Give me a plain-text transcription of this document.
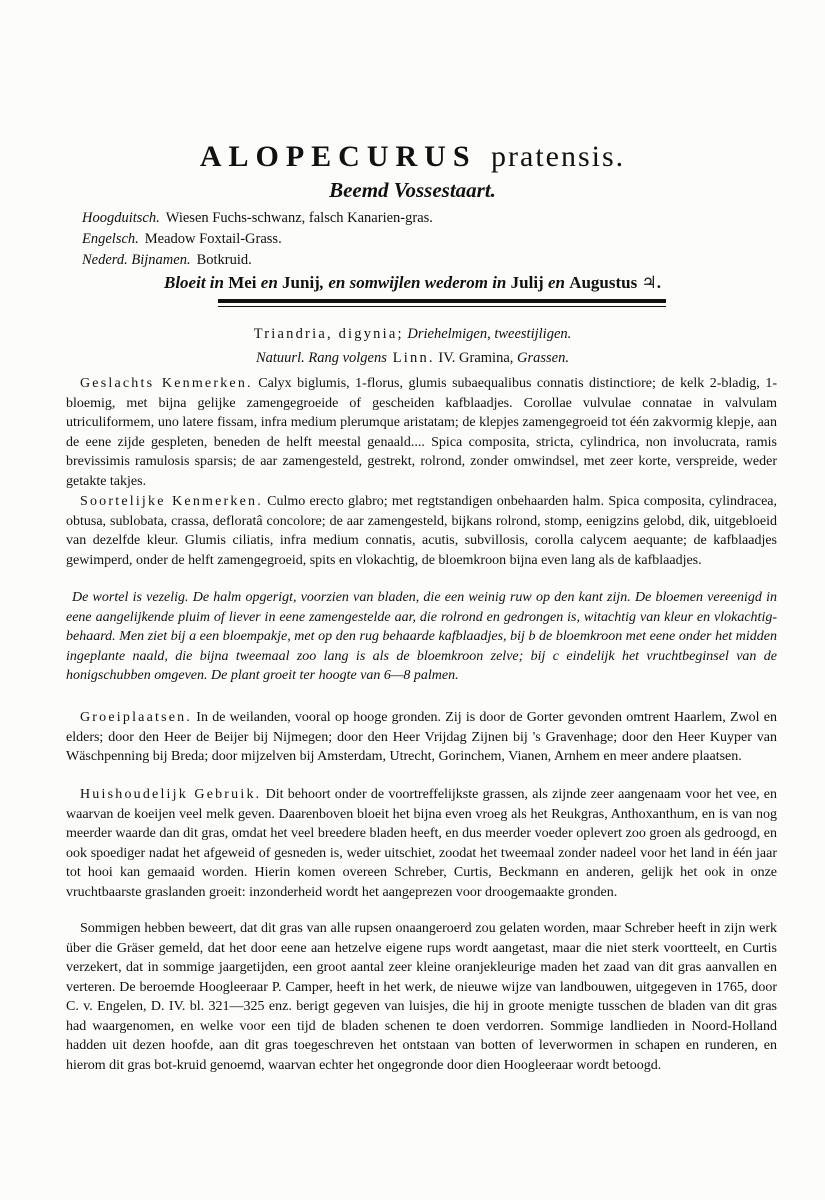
ALOPECURUS pratensis.
Beemd Vossestaart.
Hoogduitsch. Wiesen Fuchs-schwanz, falsch Kanarien-gras.
Engelsch. Meadow Foxtail-Grass.
Nederd. Bijnamen. Botkruid.
Bloeit in Mei en Junij, en somwijlen wederom in Julij en Augustus ♃.
Triandria, digynia; Driehelmigen, tweestijligen.
Natuurl. Rang volgens Linn. IV. Gramina, Grassen.
Geslachts Kenmerken. Calyx biglumis, 1-florus, glumis subaequalibus connatis distinctiore; de kelk 2-bladig, 1-bloemig, met bijna gelijke zamengegroeide of gescheiden kafblaadjes. Corollae vulvulae connatae in valvulam utriculiformem, uno latere fissam, infra medium plerumque aristatam; de klepjes zamengegroeid tot één zakvormig klepje, aan de eene zijde gespleten, beneden de helft meestal genaald.... Spica composita, stricta, cylindrica, non involucrata, ramis brevissimis ramulosis sparsis; de aar zamengesteld, gestrekt, rolrond, zonder omwindsel, met zeer korte, verspreide, weder getakte takjes.
Soortelijke Kenmerken. Culmo erecto glabro; met regtstandigen onbehaarden halm. Spica composita, cylindracea, obtusa, sublobata, crassa, defloratâ concolore; de aar zamengesteld, bijkans rolrond, stomp, eenigzins gelobd, dik, uitgebloeid van dezelfde kleur. Glumis ciliatis, infra medium connatis, acutis, subvillosis, corolla calycem aequante; de kafblaadjes gewimperd, onder de helft zamengegroeid, spits en vlokachtig, de bloemkroon bijna even lang als de kafblaadjes.
De wortel is vezelig. De halm opgerigt, voorzien van bladen, die een weinig ruw op den kant zijn. De bloemen vereenigd in eene aangelijkende pluim of liever in eene zamengestelde aar, die rolrond en gedrongen is, witachtig van kleur en vlokachtig-behaard. Men ziet bij a een bloempakje, met op den rug behaarde kafblaadjes, bij b de bloemkroon met eene onder het midden ingeplante naald, die bijna tweemaal zoo lang is als de bloemkroon zelve; bij c eindelijk het vruchtbeginsel van de honigschubben omgeven. De plant groeit ter hoogte van 6—8 palmen.
Groeiplaatsen. In de weilanden, vooral op hooge gronden. Zij is door de Gorter gevonden omtrent Haarlem, Zwol en elders; door den Heer de Beijer bij Nijmegen; door den Heer Vrijdag Zijnen bij 's Gravenhage; door den Heer Kuyper van Wäschpenning bij Breda; door mijzelven bij Amsterdam, Utrecht, Gorinchem, Vianen, Arnhem en meer andere plaatsen.
Huishoudelijk Gebruik. Dit behoort onder de voortreffelijkste grassen, als zijnde zeer aangenaam voor het vee, en waarvan de koeijen veel melk geven. Daarenboven bloeit het bijna even vroeg als het Reukgras, Anthoxanthum, en is van nog meerder waarde dan dit gras, omdat het veel breedere bladen heeft, en dus meerder voeder oplevert zoo groen als gedroogd, en ook spoediger nadat het afgeweid of gesneden is, weder uitschiet, zoodat het tweemaal zonder nadeel voor het land in één jaar tot hooi kan gemaaid worden. Hierin komen overeen Schreber, Curtis, Beckmann en anderen, gelijk het ook in onze vruchtbaarste graslanden groeit: inzonderheid wordt het aangeprezen voor droogemaakte gronden.
Sommigen hebben beweert, dat dit gras van alle rupsen onaangeroerd zou gelaten worden, maar Schreber heeft in zijn werk über die Gräser gemeld, dat het door eene aan hetzelve eigene rups wordt aangetast, maar die niet sterk voortteelt, en Curtis verzekert, dat in sommige jaargetijden, een groot aantal zeer kleine oranjekleurige maden het zaad van dit gras aanvallen en verteren. De beroemde Hoogleeraar P. Camper, heeft in het werk, de nieuwe wijze van landbouwen, uitgegeven in 1765, door C. v. Engelen, D. IV. bl. 321—325 enz. berigt gegeven van luisjes, die hij in groote menigte tusschen de bladen van dit gras had waargenomen, en welke voor een tijd de bladen schenen te doen verdorren. Sommige landlieden in Noord-Holland hadden uit dezen hoofde, aan dit gras toegeschreven het ontstaan van botten of leverwormen in schapen en runderen, en hierom dit gras bot-kruid genoemd, waarvan echter het ongegronde door dien Hoogleeraar wordt betoogd.
